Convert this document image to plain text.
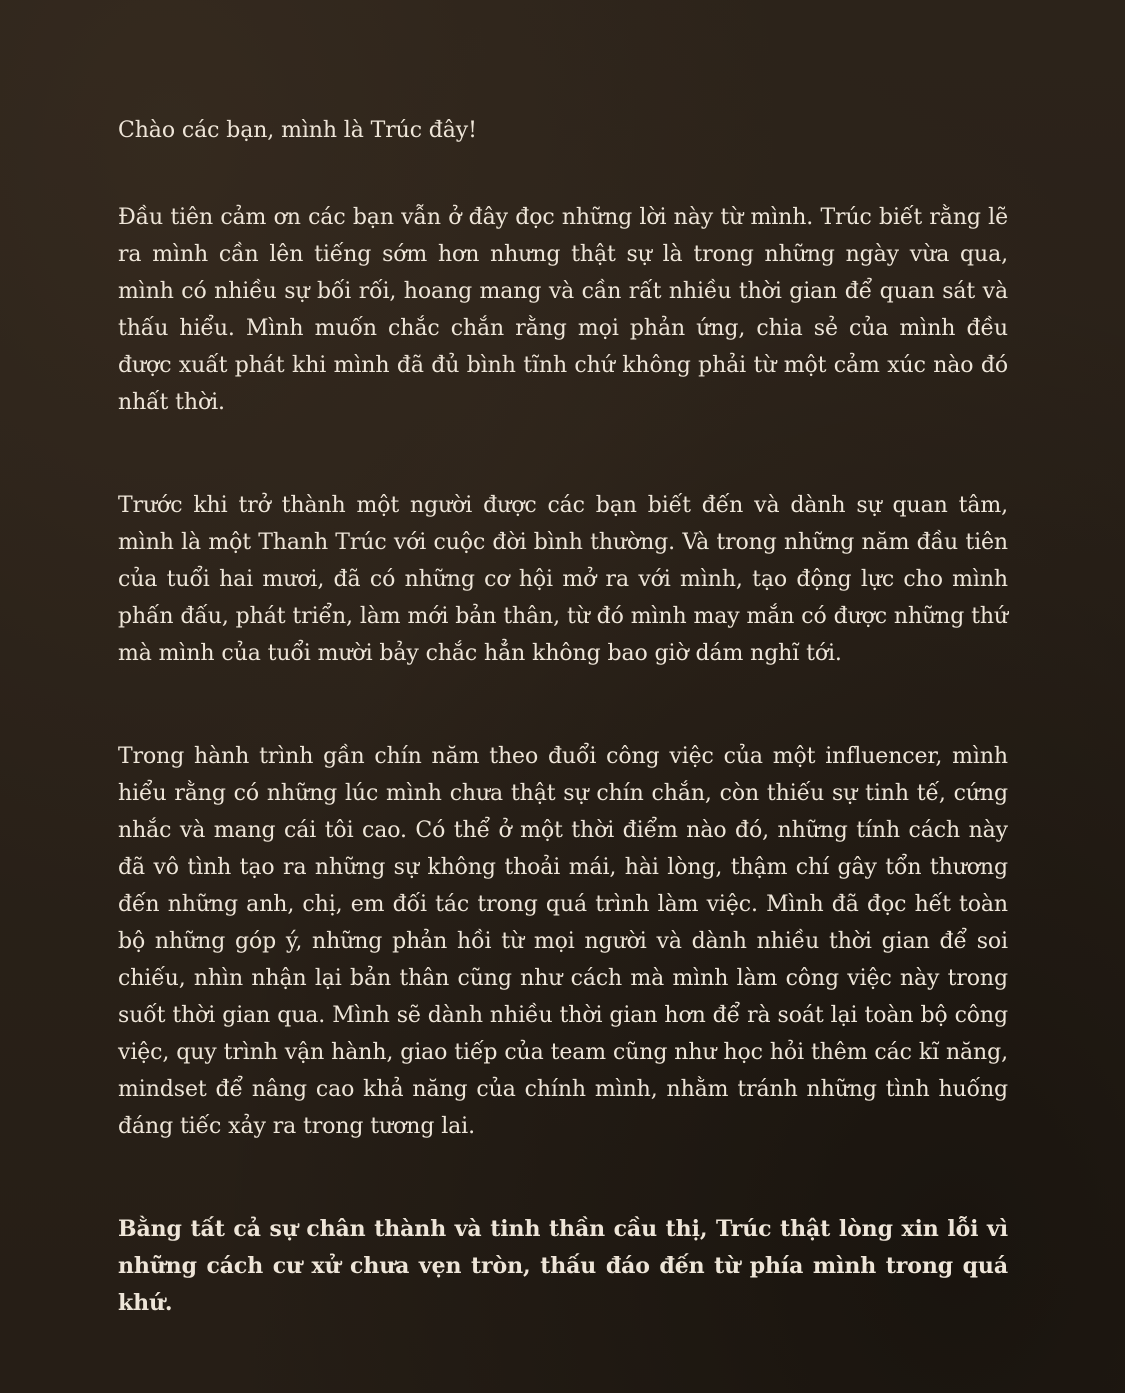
Chào các bạn, mình là Trúc đây!

Đầu tiên cảm ơn các bạn vẫn ở đây đọc những lời này từ mình. Trúc biết rằng lẽ ra mình cần lên tiếng sớm hơn nhưng thật sự là trong những ngày vừa qua, mình có nhiều sự bối rối, hoang mang và cần rất nhiều thời gian để quan sát và thấu hiểu. Mình muốn chắc chắn rằng mọi phản ứng, chia sẻ của mình đều được xuất phát khi mình đã đủ bình tĩnh chứ không phải từ một cảm xúc nào đó nhất thời.

Trước khi trở thành một người được các bạn biết đến và dành sự quan tâm, mình là một Thanh Trúc với cuộc đời bình thường. Và trong những năm đầu tiên của tuổi hai mươi, đã có những cơ hội mở ra với mình, tạo động lực cho mình phấn đấu, phát triển, làm mới bản thân, từ đó mình may mắn có được những thứ mà mình của tuổi mười bảy chắc hẳn không bao giờ dám nghĩ tới.

Trong hành trình gần chín năm theo đuổi công việc của một influencer, mình hiểu rằng có những lúc mình chưa thật sự chín chắn, còn thiếu sự tinh tế, cứng nhắc và mang cái tôi cao. Có thể ở một thời điểm nào đó, những tính cách này đã vô tình tạo ra những sự không thoải mái, hài lòng, thậm chí gây tổn thương đến những anh, chị, em đối tác trong quá trình làm việc. Mình đã đọc hết toàn bộ những góp ý, những phản hồi từ mọi người và dành nhiều thời gian để soi chiếu, nhìn nhận lại bản thân cũng như cách mà mình làm công việc này trong suốt thời gian qua. Mình sẽ dành nhiều thời gian hơn để rà soát lại toàn bộ công việc, quy trình vận hành, giao tiếp của team cũng như học hỏi thêm các kĩ năng, mindset để nâng cao khả năng của chính mình, nhằm tránh những tình huống đáng tiếc xảy ra trong tương lai.

Bằng tất cả sự chân thành và tinh thần cầu thị, Trúc thật lòng xin lỗi vì những cách cư xử chưa vẹn tròn, thấu đáo đến từ phía mình trong quá khứ.
